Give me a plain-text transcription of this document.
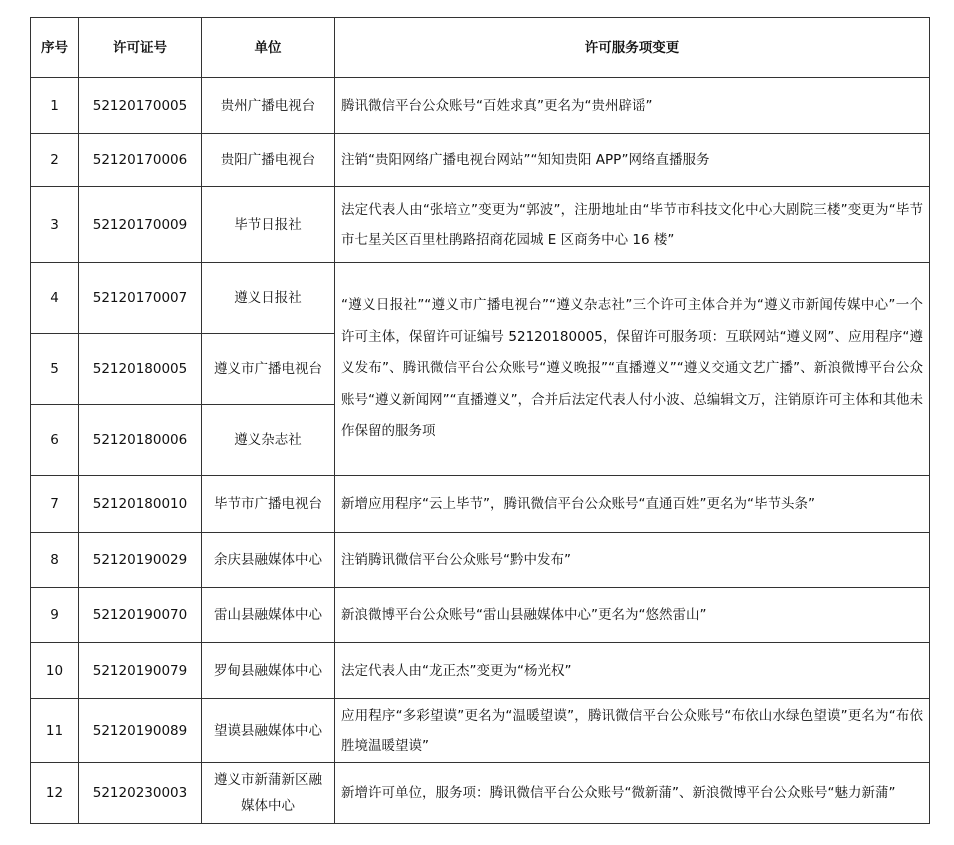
序号	许可证号	单位	许可服务项变更
1	52120170005	贵州广播电视台	腾讯微信平台公众账号“百姓求真”更名为“贵州辟谣”
2	52120170006	贵阳广播电视台	注销“贵阳网络广播电视台网站”“知知贵阳 APP”网络直播服务
3	52120170009	毕节日报社	法定代表人由“张培立”变更为“郭波”，注册地址由“毕节市科技文化中心大剧院三楼”变更为“毕节市七星关区百里杜鹃路招商花园城 E 区商务中心 16 楼”
4	52120170007	遵义日报社	“遵义日报社”“遵义市广播电视台”“遵义杂志社”三个许可主体合并为“遵义市新闻传媒中心”一个许可主体，保留许可证编号 52120180005，保留许可服务项：互联网站“遵义网”、应用程序“遵义发布”、腾讯微信平台公众账号“遵义晚报”“直播遵义”“遵义交通文艺广播”、新浪微博平台公众账号“遵义新闻网”“直播遵义”，合并后法定代表人付小波、总编辑文万，注销原许可主体和其他未作保留的服务项
5	52120180005	遵义市广播电视台	
6	52120180006	遵义杂志社	
7	52120180010	毕节市广播电视台	新增应用程序“云上毕节”，腾讯微信平台公众账号“直通百姓”更名为“毕节头条”
8	52120190029	余庆县融媒体中心	注销腾讯微信平台公众账号“黔中发布”
9	52120190070	雷山县融媒体中心	新浪微博平台公众账号“雷山县融媒体中心”更名为“悠然雷山”
10	52120190079	罗甸县融媒体中心	法定代表人由“龙正杰”变更为“杨光权”
11	52120190089	望谟县融媒体中心	应用程序“多彩望谟”更名为“温暖望谟”，腾讯微信平台公众账号“布依山水绿色望谟”更名为“布依胜境温暖望谟”
12	52120230003	遵义市新蒲新区融媒体中心	新增许可单位，服务项：腾讯微信平台公众账号“微新蒲”、新浪微博平台公众账号“魅力新蒲”
